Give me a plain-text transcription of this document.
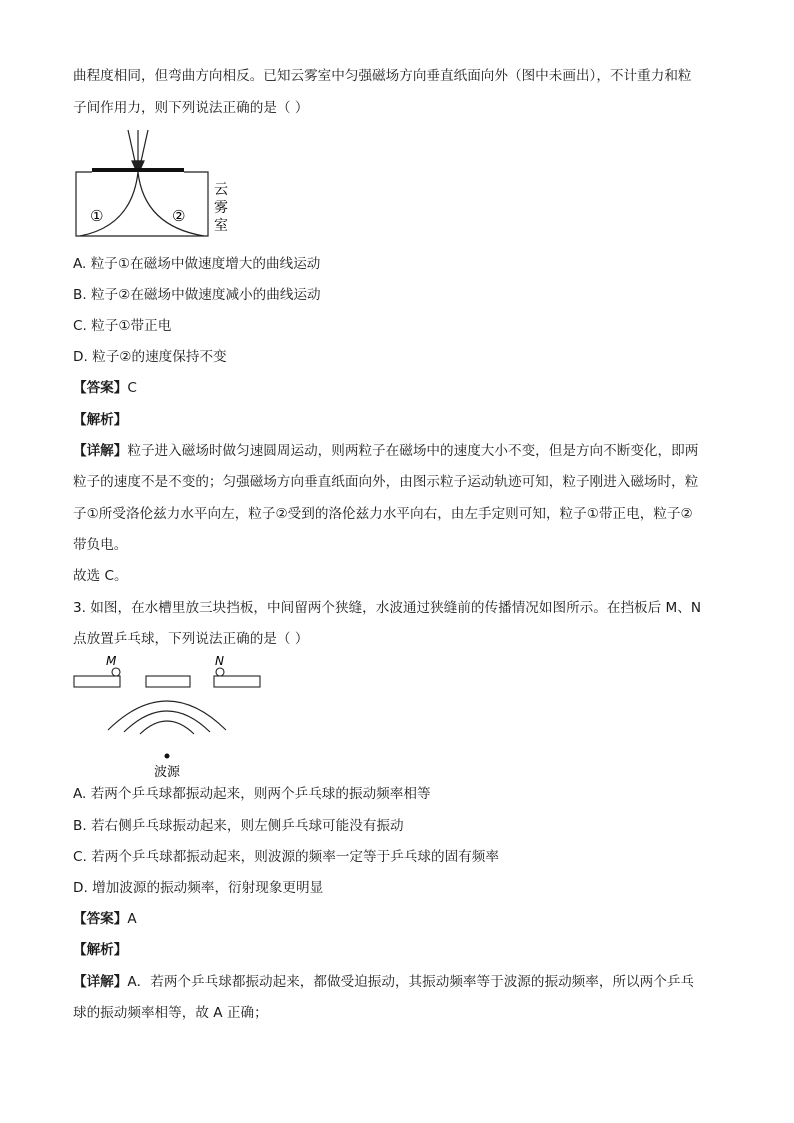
曲程度相同，但弯曲方向相反。已知云雾室中匀强磁场方向垂直纸面向外（图中未画出），不计重力和粒
子间作用力，则下列说法正确的是（ ）
①	②
云
雾
室
A. 粒子①在磁场中做速度增大的曲线运动
B. 粒子②在磁场中做速度减小的曲线运动
C. 粒子①带正电
D. 粒子②的速度保持不变
【答案】C
【解析】
【详解】粒子进入磁场时做匀速圆周运动，则两粒子在磁场中的速度大小不变，但是方向不断变化，即两
粒子的速度不是不变的；匀强磁场方向垂直纸面向外，由图示粒子运动轨迹可知，粒子刚进入磁场时，粒
子①所受洛伦兹力水平向左，粒子②受到的洛伦兹力水平向右，由左手定则可知，粒子①带正电，粒子②
带负电。
故选 C。
3. 如图，在水槽里放三块挡板，中间留两个狭缝，水波通过狭缝前的传播情况如图所示。在挡板后 M、N
点放置乒乓球，下列说法正确的是（ ）
M	N
波源
A. 若两个乒乓球都振动起来，则两个乒乓球的振动频率相等
B. 若右侧乒乓球振动起来，则左侧乒乓球可能没有振动
C. 若两个乒乓球都振动起来，则波源的频率一定等于乒乓球的固有频率
D. 增加波源的振动频率，衍射现象更明显
【答案】A
【解析】
【详解】A．若两个乒乓球都振动起来，都做受迫振动，其振动频率等于波源的振动频率，所以两个乒乓
球的振动频率相等，故 A 正确；
